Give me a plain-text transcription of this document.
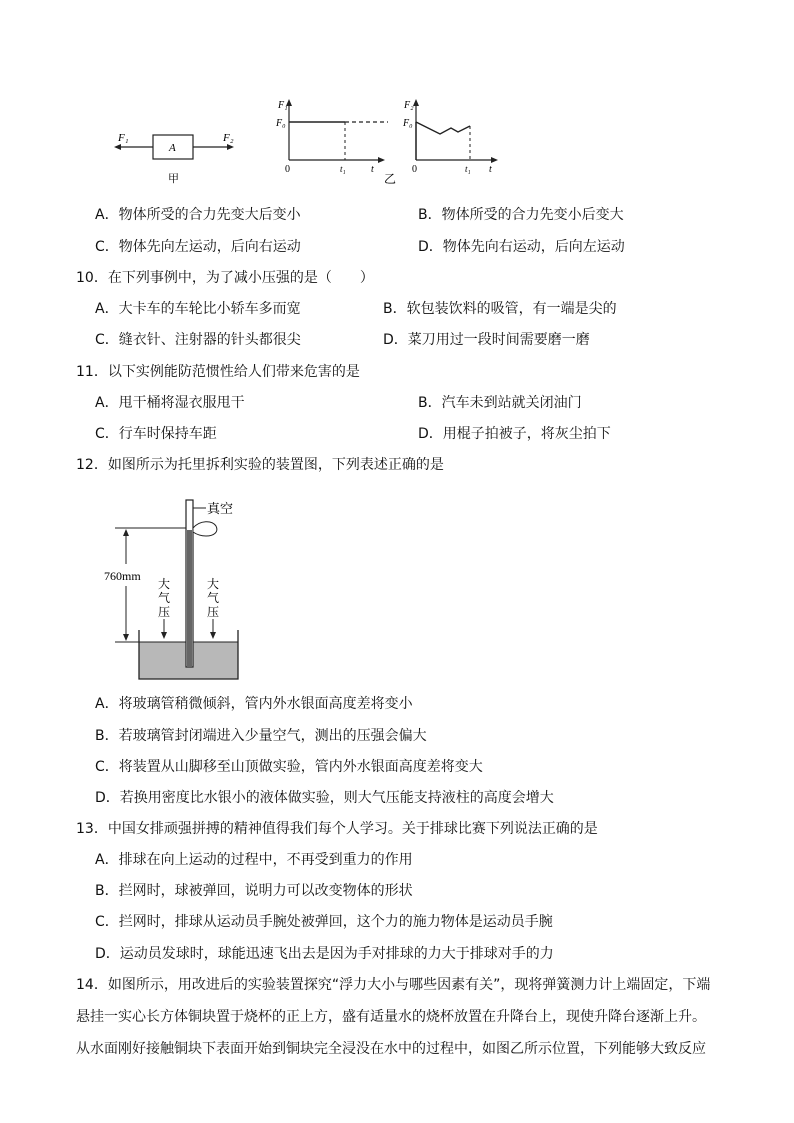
F₁	F₂
A
甲
F₁
F₀
0	t₁	t
乙
F₂
F₀
0	t₁ t
A．物体所受的合力先变大后变小	B．物体所受的合力先变小后变大
C．物体先向左运动，后向右运动	D．物体先向右运动，后向左运动
10．在下列事例中，为了减小压强的是（　　）
A．大卡车的车轮比小轿车多而宽	B．软包装饮料的吸管，有一端是尖的
C．缝衣针、注射器的针头都很尖	D．菜刀用过一段时间需要磨一磨
11．以下实例能防范惯性给人们带来危害的是
A．甩干桶将湿衣服甩干	B．汽车未到站就关闭油门
C．行车时保持车距	D．用棍子拍被子，将灰尘拍下
12．如图所示为托里拆利实验的装置图，下列表述正确的是
真空
760mm
大
气
压
大
气
压
A．将玻璃管稍微倾斜，管内外水银面高度差将变小
B．若玻璃管封闭端进入少量空气，测出的压强会偏大
C．将装置从山脚移至山顶做实验，管内外水银面高度差将变大
D．若换用密度比水银小的液体做实验，则大气压能支持液柱的高度会增大
13．中国女排顽强拼搏的精神值得我们每个人学习。关于排球比赛下列说法正确的是
A．排球在向上运动的过程中，不再受到重力的作用
B．拦网时，球被弹回，说明力可以改变物体的形状
C．拦网时，排球从运动员手腕处被弹回，这个力的施力物体是运动员手腕
D．运动员发球时，球能迅速飞出去是因为手对排球的力大于排球对手的力
14．如图所示，用改进后的实验装置探究“浮力大小与哪些因素有关”，现将弹簧测力计上端固定，下端
悬挂一实心长方体铜块置于烧杯的正上方，盛有适量水的烧杯放置在升降台上，现使升降台逐渐上升。
从水面刚好接触铜块下表面开始到铜块完全浸没在水中的过程中，如图乙所示位置，下列能够大致反应
